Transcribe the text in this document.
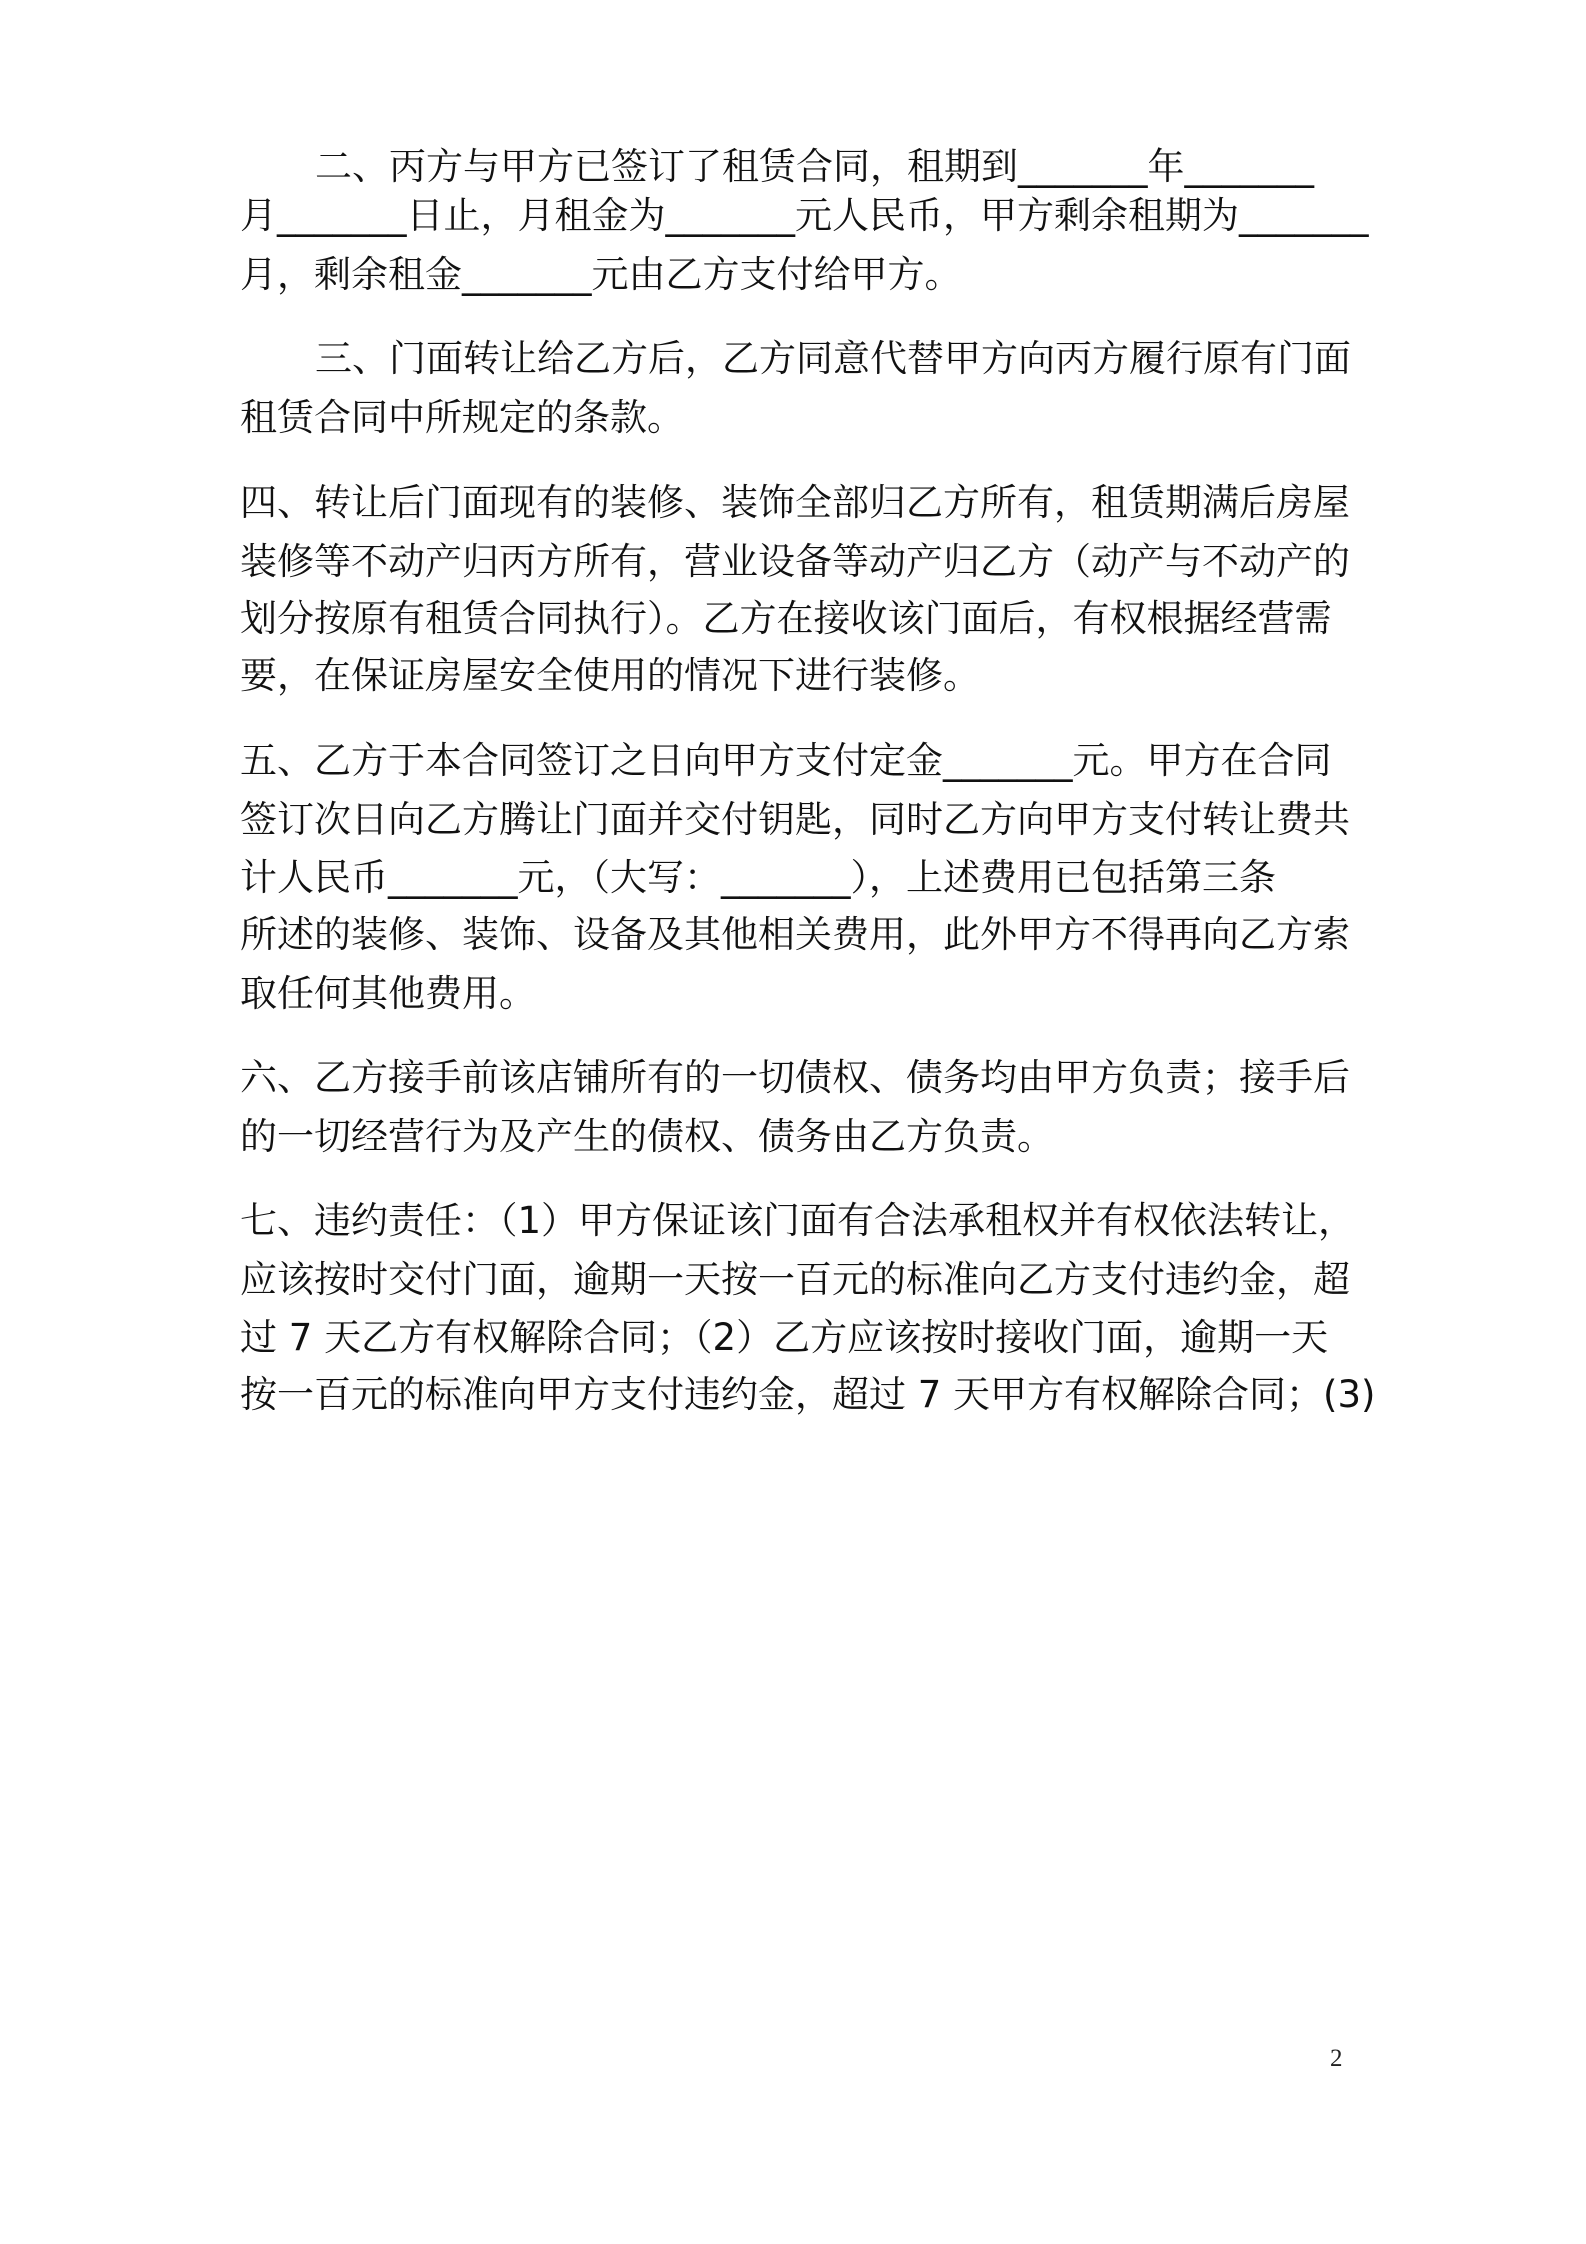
二、丙方与甲方已签订了租赁合同，租期到_______年_______
月_______日止，月租金为_______元人民币，甲方剩余租期为_______
月，剩余租金_______元由乙方支付给甲方。
三、门面转让给乙方后，乙方同意代替甲方向丙方履行原有门面
租赁合同中所规定的条款。
四、转让后门面现有的装修、装饰全部归乙方所有，租赁期满后房屋
装修等不动产归丙方所有，营业设备等动产归乙方（动产与不动产的
划分按原有租赁合同执行）。乙方在接收该门面后，有权根据经营需
要，在保证房屋安全使用的情况下进行装修。
五、乙方于本合同签订之日向甲方支付定金_______元。甲方在合同
签订次日向乙方腾让门面并交付钥匙，同时乙方向甲方支付转让费共
计人民币_______元，（大写：_______），上述费用已包括第三条
所述的装修、装饰、设备及其他相关费用，此外甲方不得再向乙方索
取任何其他费用。
六、乙方接手前该店铺所有的一切债权、债务均由甲方负责；接手后
的一切经营行为及产生的债权、债务由乙方负责。
七、违约责任：（1）甲方保证该门面有合法承租权并有权依法转让，
应该按时交付门面，逾期一天按一百元的标准向乙方支付违约金，超
过 7 天乙方有权解除合同；（2）乙方应该按时接收门面，逾期一天
按一百元的标准向甲方支付违约金，超过 7 天甲方有权解除合同；(3)
2
